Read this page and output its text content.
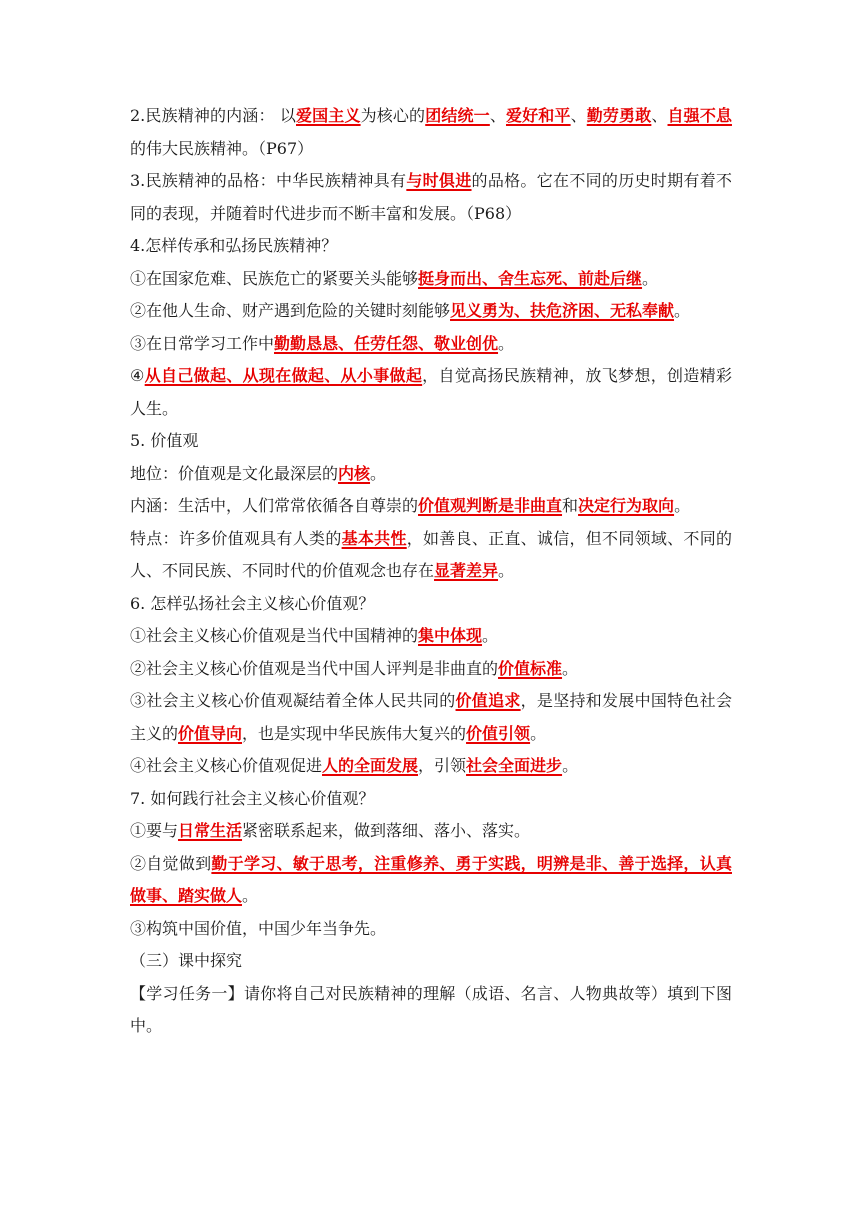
2.民族精神的内涵： 以爱国主义为核心的团结统一、爱好和平、勤劳勇敢、自强不息的伟大民族精神。（P67）

3.民族精神的品格：中华民族精神具有与时俱进的品格。它在不同的历史时期有着不同的表现，并随着时代进步而不断丰富和发展。（P68）

4.怎样传承和弘扬民族精神？

①在国家危难、民族危亡的紧要关头能够挺身而出、舍生忘死、前赴后继。

②在他人生命、财产遇到危险的关键时刻能够见义勇为、扶危济困、无私奉献。

③在日常学习工作中勤勤恳恳、任劳任怨、敬业创优。

④从自己做起、从现在做起、从小事做起，自觉高扬民族精神，放飞梦想，创造精彩人生。

5. 价值观

地位：价值观是文化最深层的内核。

内涵：生活中，人们常常依循各自尊崇的价值观判断是非曲直和决定行为取向。

特点：许多价值观具有人类的基本共性，如善良、正直、诚信，但不同领域、不同的人、不同民族、不同时代的价值观念也存在显著差异。

6. 怎样弘扬社会主义核心价值观？

①社会主义核心价值观是当代中国精神的集中体现。

②社会主义核心价值观是当代中国人评判是非曲直的价值标准。

③社会主义核心价值观凝结着全体人民共同的价值追求，是坚持和发展中国特色社会主义的价值导向，也是实现中华民族伟大复兴的价值引领。

④社会主义核心价值观促进人的全面发展，引领社会全面进步。

7. 如何践行社会主义核心价值观？

①要与日常生活紧密联系起来，做到落细、落小、落实。

②自觉做到勤于学习、敏于思考，注重修养、勇于实践，明辨是非、善于选择，认真做事、踏实做人。

③构筑中国价值，中国少年当争先。

（三）课中探究

【学习任务一】请你将自己对民族精神的理解（成语、名言、人物典故等）填到下图中。
